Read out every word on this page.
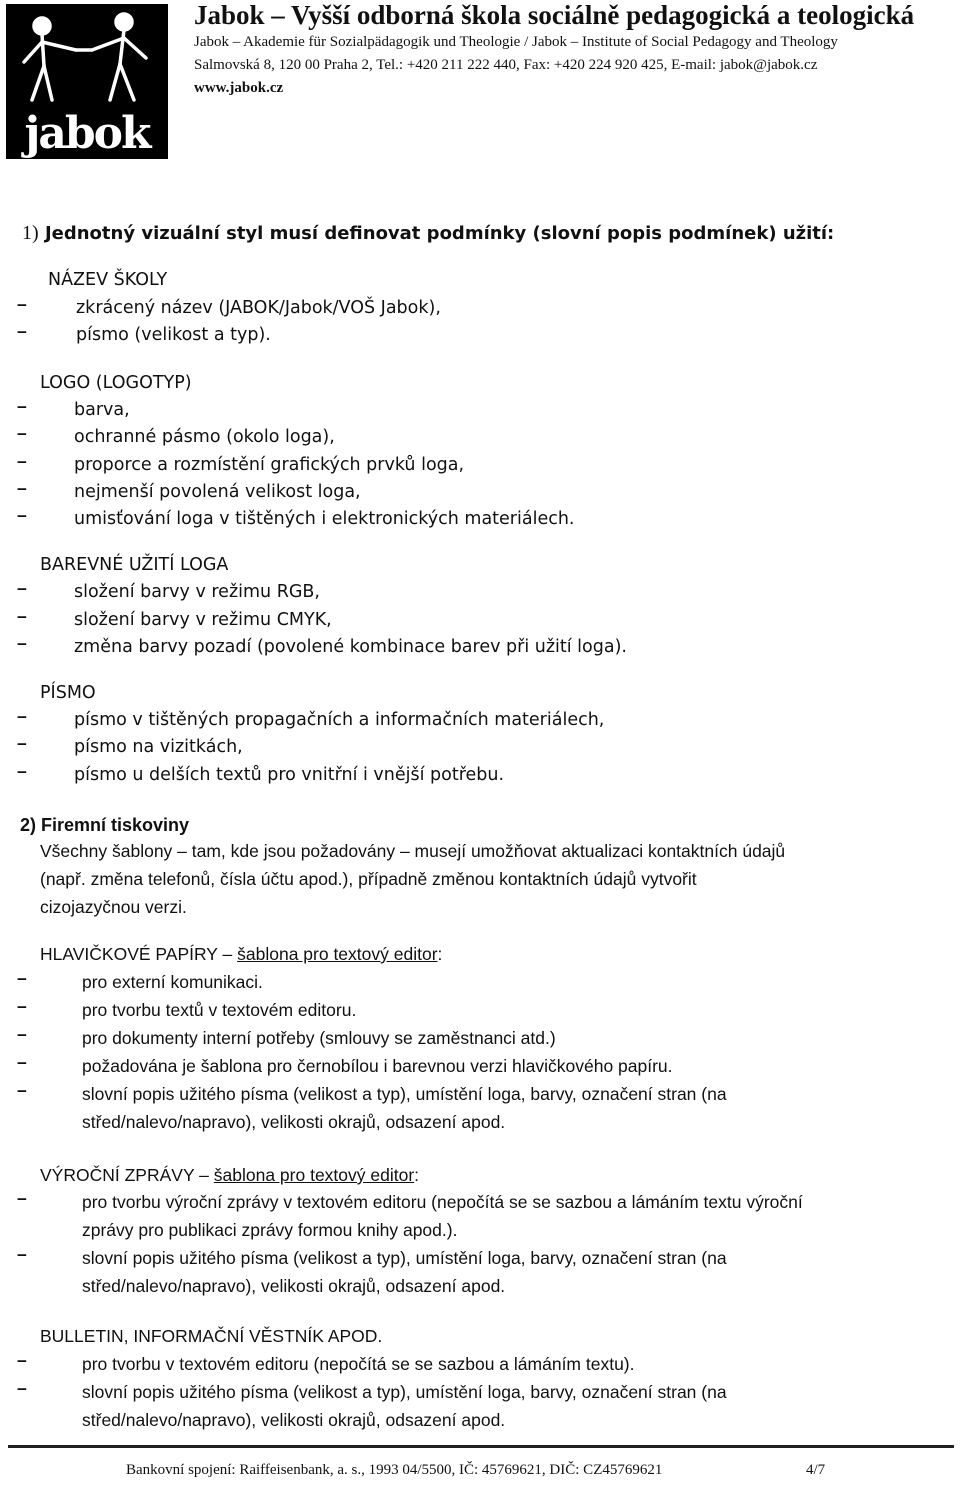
jabok
Jabok – Vyšší odborná škola sociálně pedagogická a teologická
Jabok – Akademie für Sozialpädagogik und Theologie / Jabok – Institute of Social Pedagogy and Theology
Salmovská 8, 120 00 Praha 2, Tel.: +420 211 222 440, Fax: +420 224 920 425, E-mail: jabok@jabok.cz
www.jabok.cz
1) Jednotný vizuální styl musí definovat podmínky (slovní popis podmínek) užití:
NÁZEV ŠKOLY
–	zkrácený název (JABOK/Jabok/VOŠ Jabok),
–	písmo (velikost a typ).
LOGO (LOGOTYP)
–	barva,
–	ochranné pásmo (okolo loga),
–	proporce a rozmístění grafických prvků loga,
–	nejmenší povolená velikost loga,
–	umisťování loga v tištěných i elektronických materiálech.
BAREVNÉ UŽITÍ LOGA
–	složení barvy v režimu RGB,
–	složení barvy v režimu CMYK,
–	změna barvy pozadí (povolené kombinace barev při užití loga).
PÍSMO
–	písmo v tištěných propagačních a informačních materiálech,
–	písmo na vizitkách,
–	písmo u delších textů pro vnitřní i vnější potřebu.
2) Firemní tiskoviny
Všechny šablony – tam, kde jsou požadovány – musejí umožňovat aktualizaci kontaktních údajů
(např. změna telefonů, čísla účtu apod.), případně změnou kontaktních údajů vytvořit
cizojazyčnou verzi.
HLAVIČKOVÉ PAPÍRY – šablona pro textový editor:
–	pro externí komunikaci.
–	pro tvorbu textů v textovém editoru.
–	pro dokumenty interní potřeby (smlouvy se zaměstnanci atd.)
–	požadována je šablona pro černobílou i barevnou verzi hlavičkového papíru.
–	slovní popis užitého písma (velikost a typ), umístění loga, barvy, označení stran (na
střed/nalevo/napravo), velikosti okrajů, odsazení apod.
VÝROČNÍ ZPRÁVY – šablona pro textový editor:
–	pro tvorbu výroční zprávy v textovém editoru (nepočítá se se sazbou a lámáním textu výroční
zprávy pro publikaci zprávy formou knihy apod.).
–	slovní popis užitého písma (velikost a typ), umístění loga, barvy, označení stran (na
střed/nalevo/napravo), velikosti okrajů, odsazení apod.
BULLETIN, INFORMAČNÍ VĚSTNÍK APOD.
–	pro tvorbu v textovém editoru (nepočítá se se sazbou a lámáním textu).
–	slovní popis užitého písma (velikost a typ), umístění loga, barvy, označení stran (na
střed/nalevo/napravo), velikosti okrajů, odsazení apod.
Bankovní spojení: Raiffeisenbank, a. s., 1993 04/5500, IČ: 45769621, DIČ: CZ45769621	4/7
